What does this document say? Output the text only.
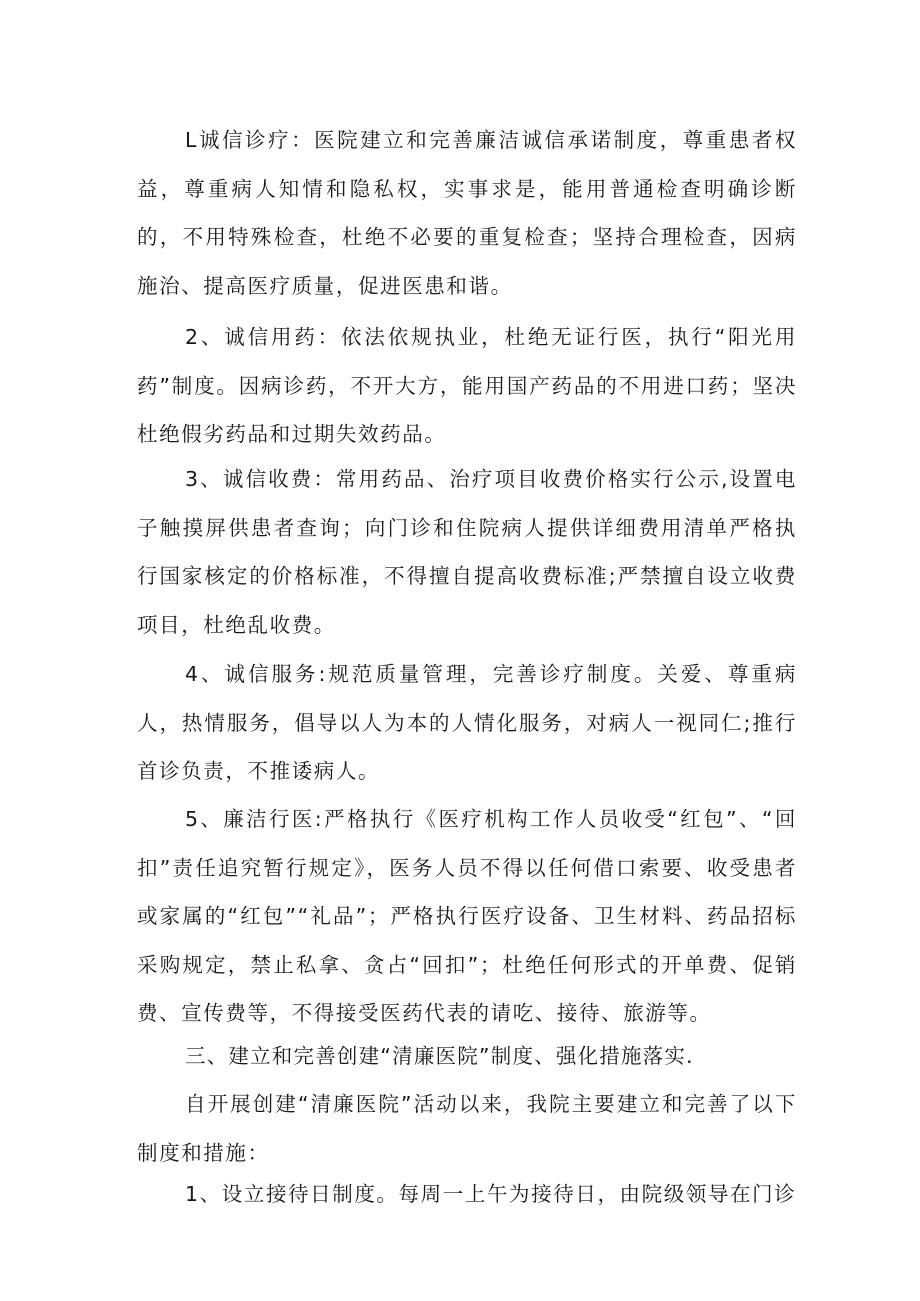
L诚信诊疗：医院建立和完善廉洁诚信承诺制度，尊重患者权益，尊重病人知情和隐私权，实事求是，能用普通检查明确诊断的，不用特殊检查，杜绝不必要的重复检查；坚持合理检查，因病施治、提高医疗质量，促进医患和谐。

2、诚信用药：依法依规执业，杜绝无证行医，执行“阳光用药”制度。因病诊药，不开大方，能用国产药品的不用进口药；坚决杜绝假劣药品和过期失效药品。

3、诚信收费：常用药品、治疗项目收费价格实行公示,设置电子触摸屏供患者查询；向门诊和住院病人提供详细费用清单严格执行国家核定的价格标准，不得擅自提高收费标准;严禁擅自设立收费项目，杜绝乱收费。

4、诚信服务:规范质量管理，完善诊疗制度。关爱、尊重病人，热情服务，倡导以人为本的人情化服务，对病人一视同仁;推行首诊负责，不推诿病人。

5、廉洁行医:严格执行《医疗机构工作人员收受“红包”、“回扣”责任追究暂行规定》，医务人员不得以任何借口索要、收受患者或家属的“红包”“礼品”；严格执行医疗设备、卫生材料、药品招标采购规定，禁止私拿、贪占“回扣”；杜绝任何形式的开单费、促销费、宣传费等，不得接受医药代表的请吃、接待、旅游等。

三、建立和完善创建“清廉医院”制度、强化措施落实.

自开展创建“清廉医院”活动以来，我院主要建立和完善了以下制度和措施：

1、设立接待日制度。每周一上午为接待日，由院级领导在门诊
